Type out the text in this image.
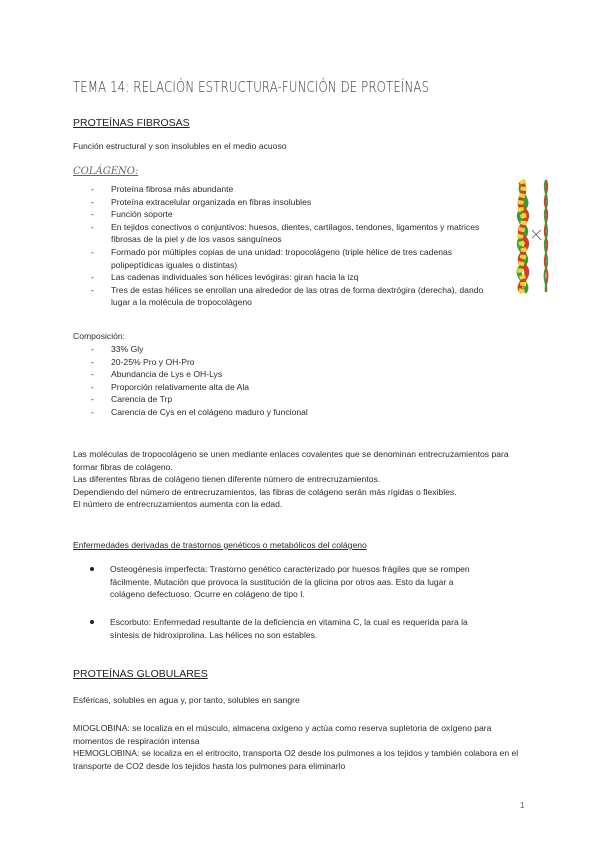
TEMA 14: RELACIÓN ESTRUCTURA-FUNCIÓN DE PROTEÍNAS
PROTEÍNAS FIBROSAS
Función estructural y son insolubles en el medio acuoso
COLÁGENO:
- Proteína fibrosa más abundante
- Proteína extracelular organizada en fibras insolubles
- Función soporte
- En tejidos conectivos o conjuntivos: huesos, dientes, cartílagos, tendones, ligamentos y matrices fibrosas de la piel y de los vasos sanguíneos
- Formado por múltiples copias de una unidad: tropocolágeno (triple hélice de tres cadenas polipeptídicas iguales o distintas)
- Las cadenas individuales son hélices levógiras: giran hacia la izq
- Tres de estas hélices se enrollan una alrededor de las otras de forma dextrógira (derecha), dando lugar a la molécula de tropocolágeno
Composición:
- 33% Gly
- 20-25% Pro y OH-Pro
- Abundancia de Lys e OH-Lys
- Proporción relativamente alta de Ala
- Carencia de Trp
- Carencia de Cys en el colágeno maduro y funcional
Las moléculas de tropocolágeno se unen mediante enlaces covalentes que se denominan entrecruzamientos para formar fibras de colágeno.
Las diferentes fibras de colágeno tienen diferente número de entrecruzamientos.
Dependiendo del número de entrecruzamientos, las fibras de colágeno serán más rígidas o flexibles.
El número de entrecruzamientos aumenta con la edad.
Enfermedades derivadas de trastornos genéticos o metabólicos del colágeno
Osteogénesis imperfecta: Trastorno genético caracterizado por huesos frágiles que se rompen fácilmente. Mutación que provoca la sustitución de la glicina por otros aas. Esto da lugar a colágeno defectuoso. Ocurre en colágeno de tipo I.
Escorbuto: Enfermedad resultante de la deficiencia en vitamina C, la cual es requerida para la síntesis de hidroxiprolina. Las hélices no son estables.
PROTEÍNAS GLOBULARES
Esféricas, solubles en agua y, por tanto, solubles en sangre
MIOGLOBINA: se localiza en el músculo, almacena oxígeno y actúa como reserva supletoria de oxígeno para momentos de respiración intensa
HEMOGLOBINA: se localiza en el eritrocito, transporta O2 desde los pulmones a los tejidos y también colabora en el transporte de CO2 desde los tejidos hasta los pulmones para eliminarlo
1
